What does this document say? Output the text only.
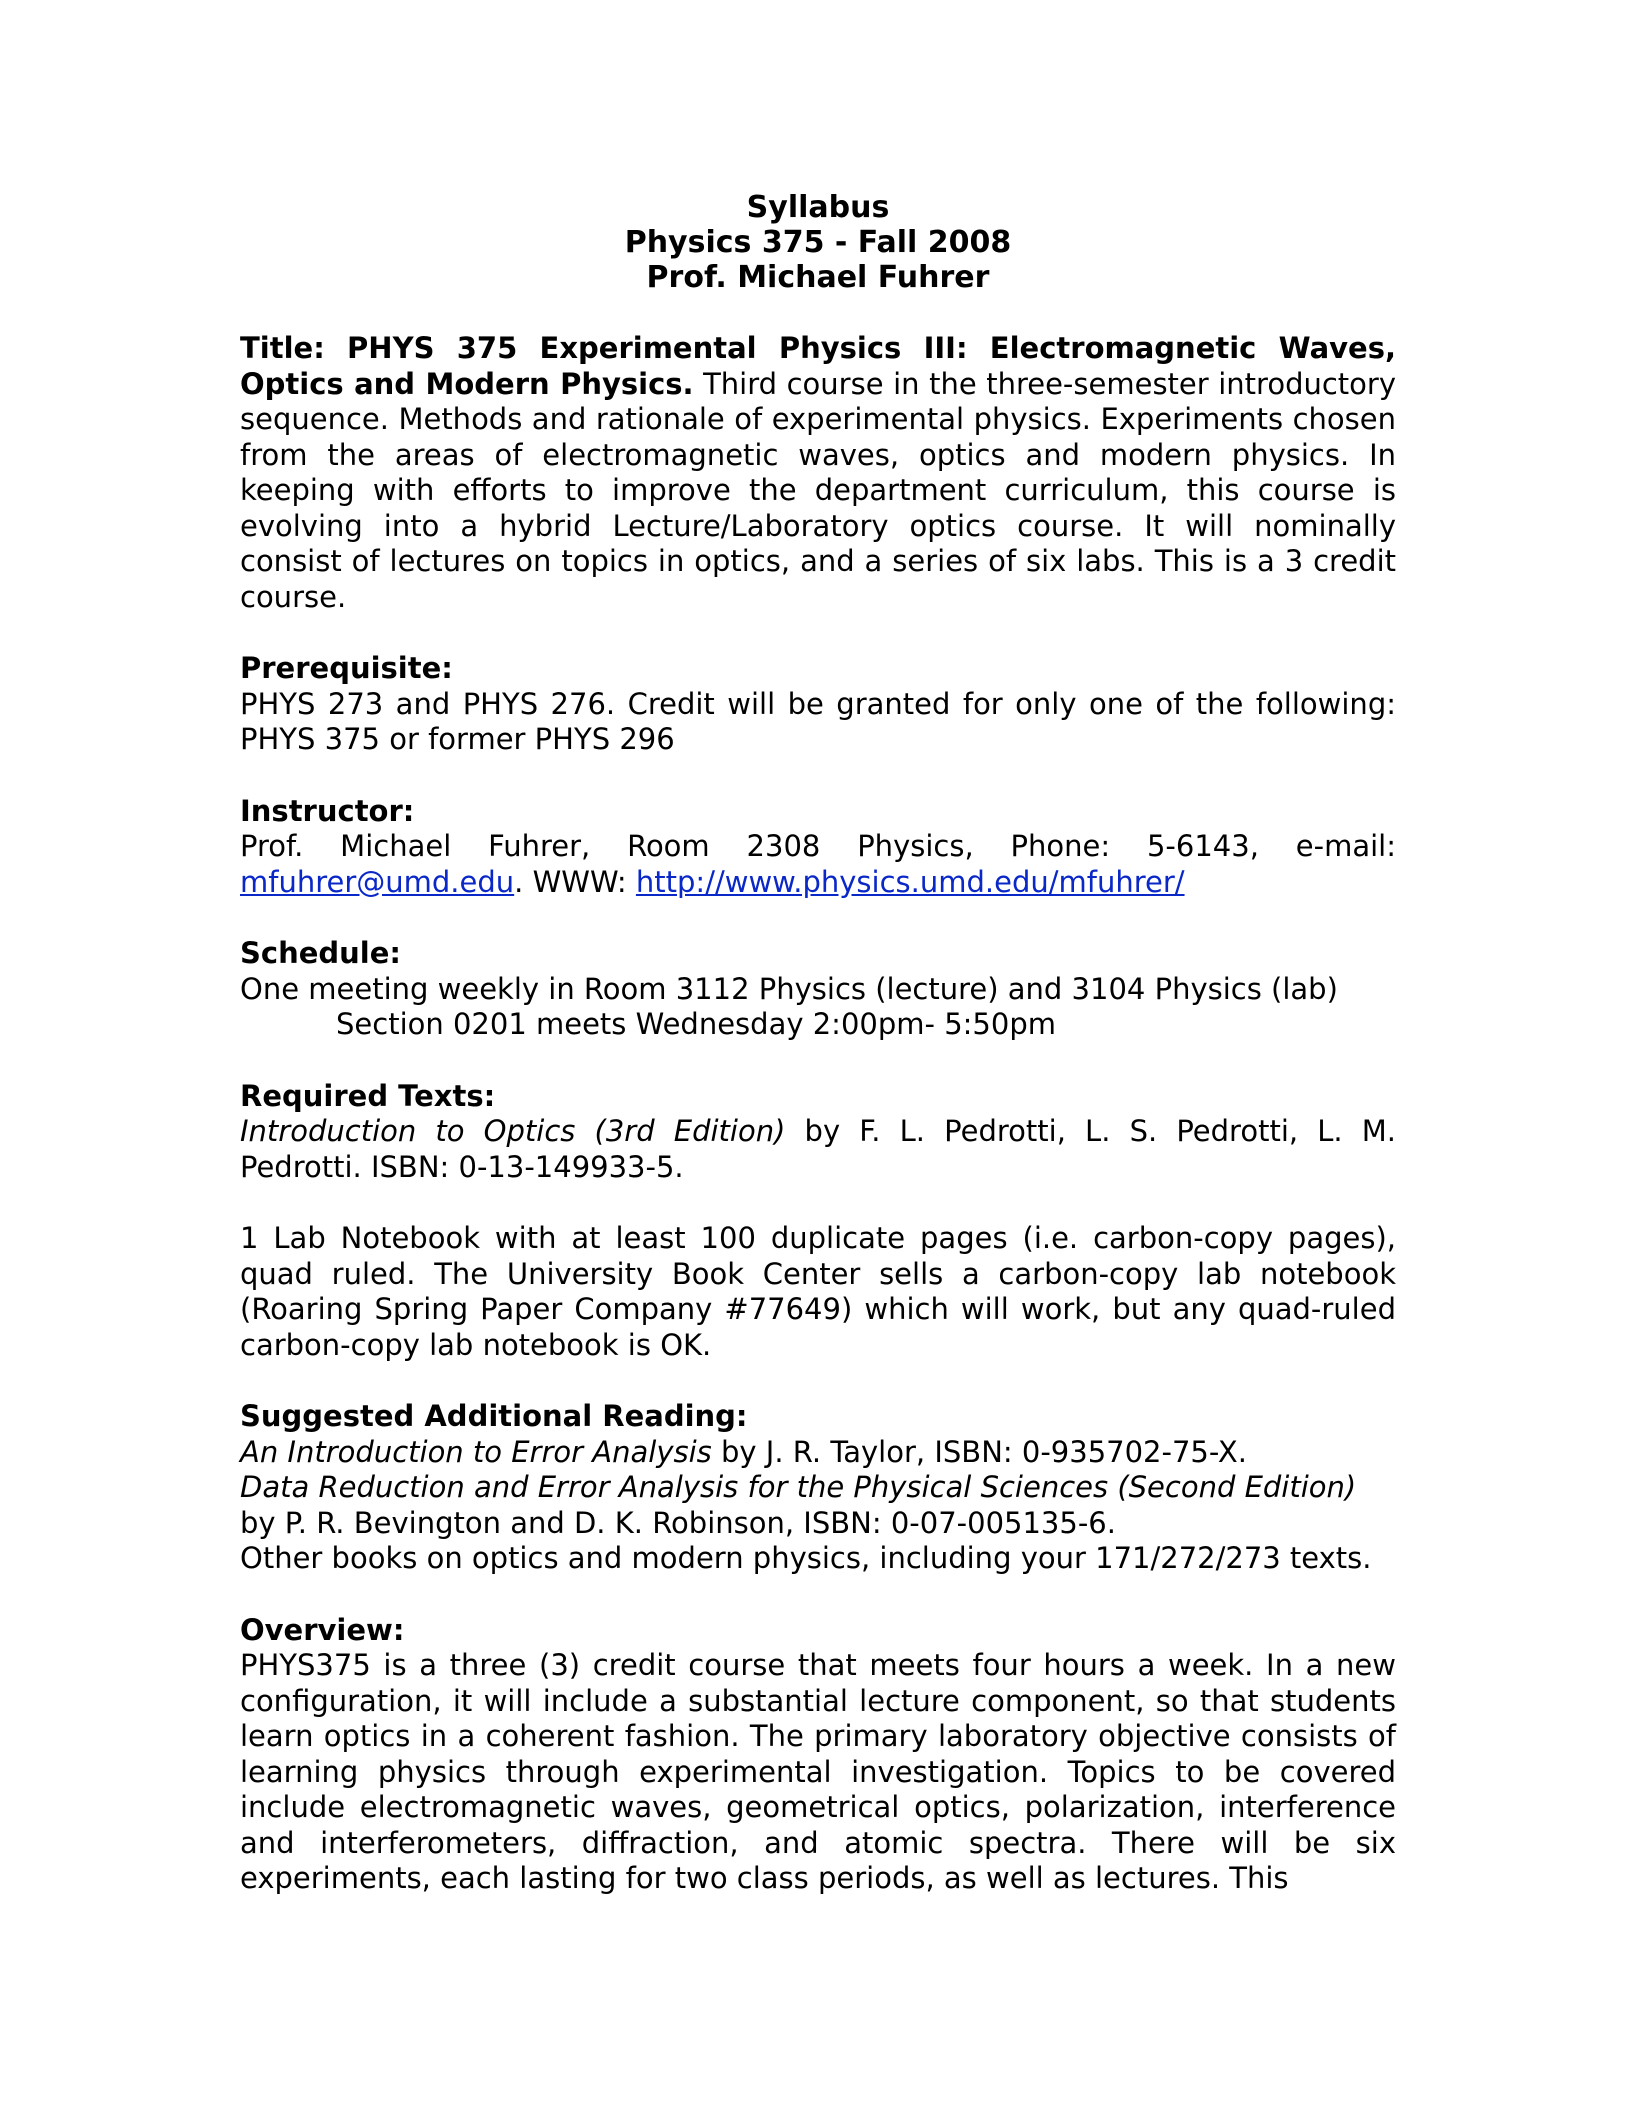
Syllabus
Physics 375 - Fall 2008
Prof. Michael Fuhrer

Title: PHYS 375 Experimental Physics III: Electromagnetic Waves, Optics and Modern Physics. Third course in the three-semester introductory sequence. Methods and rationale of experimental physics. Experiments chosen from the areas of electromagnetic waves, optics and modern physics. In keeping with efforts to improve the department curriculum, this course is evolving into a hybrid Lecture/Laboratory optics course. It will nominally consist of lectures on topics in optics, and a series of six labs. This is a 3 credit course.

Prerequisite:

PHYS 273 and PHYS 276. Credit will be granted for only one of the following: PHYS 375 or former PHYS 296

Instructor:

Prof. Michael Fuhrer, Room 2308 Physics, Phone: 5-6143, e-mail: mfuhrer@umd.edu. WWW: http://www.physics.umd.edu/mfuhrer/

Schedule:
One meeting weekly in Room 3112 Physics (lecture) and 3104 Physics (lab)
Section 0201 meets Wednesday 2:00pm- 5:50pm
Required Texts:

Introduction to Optics (3rd Edition) by F. L. Pedrotti, L. S. Pedrotti, L. M. Pedrotti. ISBN: 0-13-149933-5.

1 Lab Notebook with at least 100 duplicate pages (i.e. carbon-copy pages), quad ruled. The University Book Center sells a carbon-copy lab notebook (Roaring Spring Paper Company #77649) which will work, but any quad-ruled carbon-copy lab notebook is OK.

Suggested Additional Reading:
An Introduction to Error Analysis by J. R. Taylor, ISBN: 0-935702-75-X.
Data Reduction and Error Analysis for the Physical Sciences (Second Edition) by P. R. Bevington and D. K. Robinson, ISBN: 0-07-005135-6.
Other books on optics and modern physics, including your 171/272/273 texts.
Overview:

PHYS375 is a three (3) credit course that meets four hours a week. In a new configuration, it will include a substantial lecture component, so that students learn optics in a coherent fashion. The primary laboratory objective consists of learning physics through experimental investigation. Topics to be covered include electromagnetic waves, geometrical optics, polarization, interference and interferometers, diffraction, and atomic spectra. There will be six experiments, each lasting for two class periods, as well as lectures. This
